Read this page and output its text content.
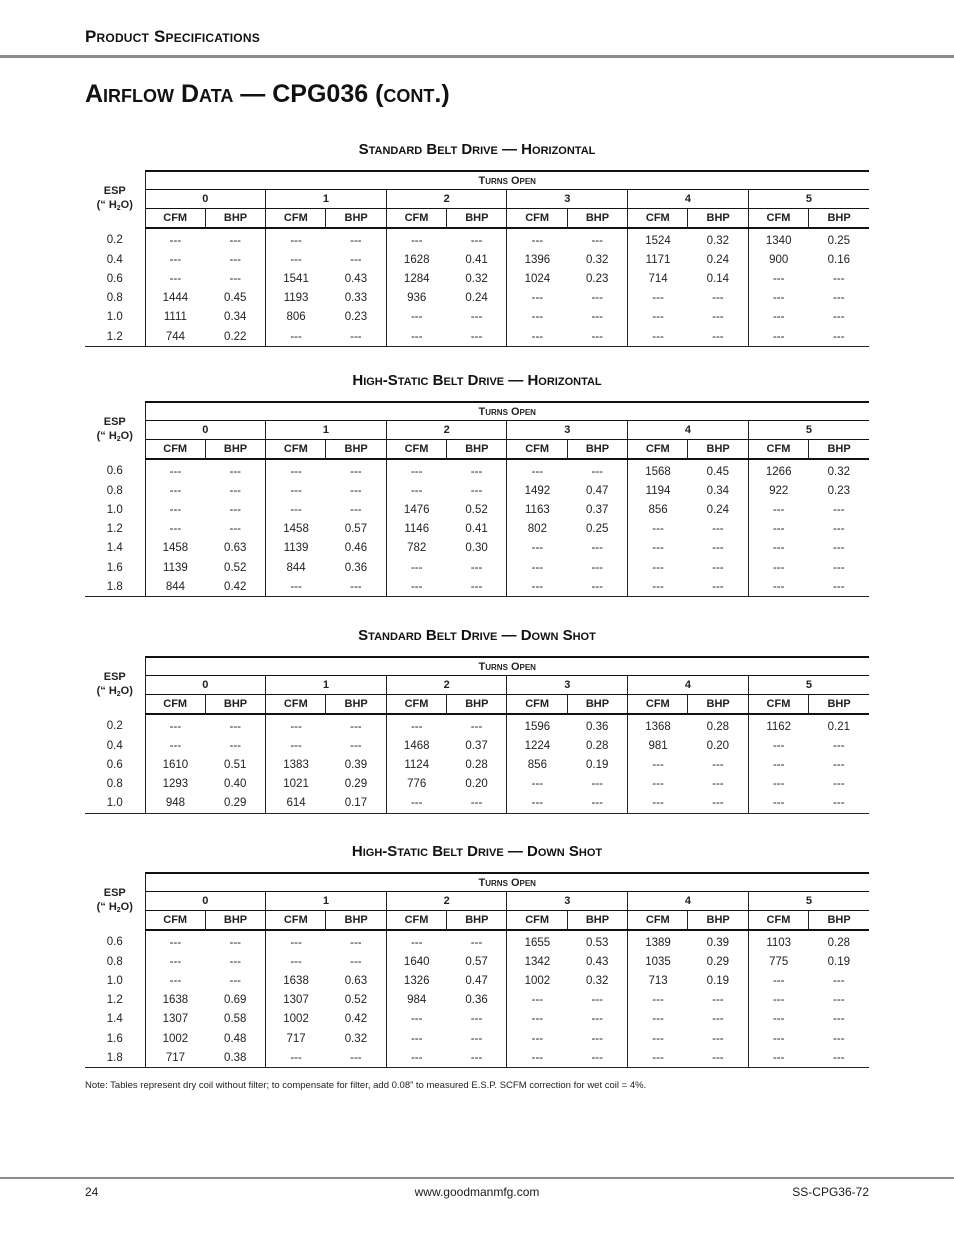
Product Specifications
Airflow Data — CPG036 (cont.)
Standard Belt Drive — Horizontal
ESP
(“ $H_2O$)	Turns Open											
	0		1		2		3		4		5	
	CFM	BHP	CFM	BHP	CFM	BHP	CFM	BHP	CFM	BHP	CFM	BHP
0.2	---	---	---	---	---	---	---	---	1524	0.32	1340	0.25
0.4	---	---	---	---	1628	0.41	1396	0.32	1171	0.24	900	0.16
0.6	---	---	1541	0.43	1284	0.32	1024	0.23	714	0.14	---	---
0.8	1444	0.45	1193	0.33	936	0.24	---	---	---	---	---	---
1.0	1111	0.34	806	0.23	---	---	---	---	---	---	---	---
1.2	744	0.22	---	---	---	---	---	---	---	---	---	---
High-Static Belt Drive — Horizontal
ESP
(“ $H_2O$)	Turns Open											
	0		1		2		3		4		5	
	CFM	BHP	CFM	BHP	CFM	BHP	CFM	BHP	CFM	BHP	CFM	BHP
0.6	---	---	---	---	---	---	---	---	1568	0.45	1266	0.32
0.8	---	---	---	---	---	---	1492	0.47	1194	0.34	922	0.23
1.0	---	---	---	---	1476	0.52	1163	0.37	856	0.24	---	---
1.2	---	---	1458	0.57	1146	0.41	802	0.25	---	---	---	---
1.4	1458	0.63	1139	0.46	782	0.30	---	---	---	---	---	---
1.6	1139	0.52	844	0.36	---	---	---	---	---	---	---	---
1.8	844	0.42	---	---	---	---	---	---	---	---	---	---
Standard Belt Drive — Down Shot
ESP
(“ $H_2O$)	Turns Open											
	0		1		2		3		4		5	
	CFM	BHP	CFM	BHP	CFM	BHP	CFM	BHP	CFM	BHP	CFM	BHP
0.2	---	---	---	---	---	---	1596	0.36	1368	0.28	1162	0.21
0.4	---	---	---	---	1468	0.37	1224	0.28	981	0.20	---	---
0.6	1610	0.51	1383	0.39	1124	0.28	856	0.19	---	---	---	---
0.8	1293	0.40	1021	0.29	776	0.20	---	---	---	---	---	---
1.0	948	0.29	614	0.17	---	---	---	---	---	---	---	---
High-Static Belt Drive — Down Shot
ESP
(“ $H_2O$)	Turns Open											
	0		1		2		3		4		5	
	CFM	BHP	CFM	BHP	CFM	BHP	CFM	BHP	CFM	BHP	CFM	BHP
0.6	---	---	---	---	---	---	1655	0.53	1389	0.39	1103	0.28
0.8	---	---	---	---	1640	0.57	1342	0.43	1035	0.29	775	0.19
1.0	---	---	1638	0.63	1326	0.47	1002	0.32	713	0.19	---	---
1.2	1638	0.69	1307	0.52	984	0.36	---	---	---	---	---	---
1.4	1307	0.58	1002	0.42	---	---	---	---	---	---	---	---
1.6	1002	0.48	717	0.32	---	---	---	---	---	---	---	---
1.8	717	0.38	---	---	---	---	---	---	---	---	---	---
Note: Tables represent dry coil without filter; to compensate for filter, add 0.08” to measured E.S.P. SCFM correction for wet coil = 4%.
24	www.goodmanmfg.com	SS-CPG36-72
